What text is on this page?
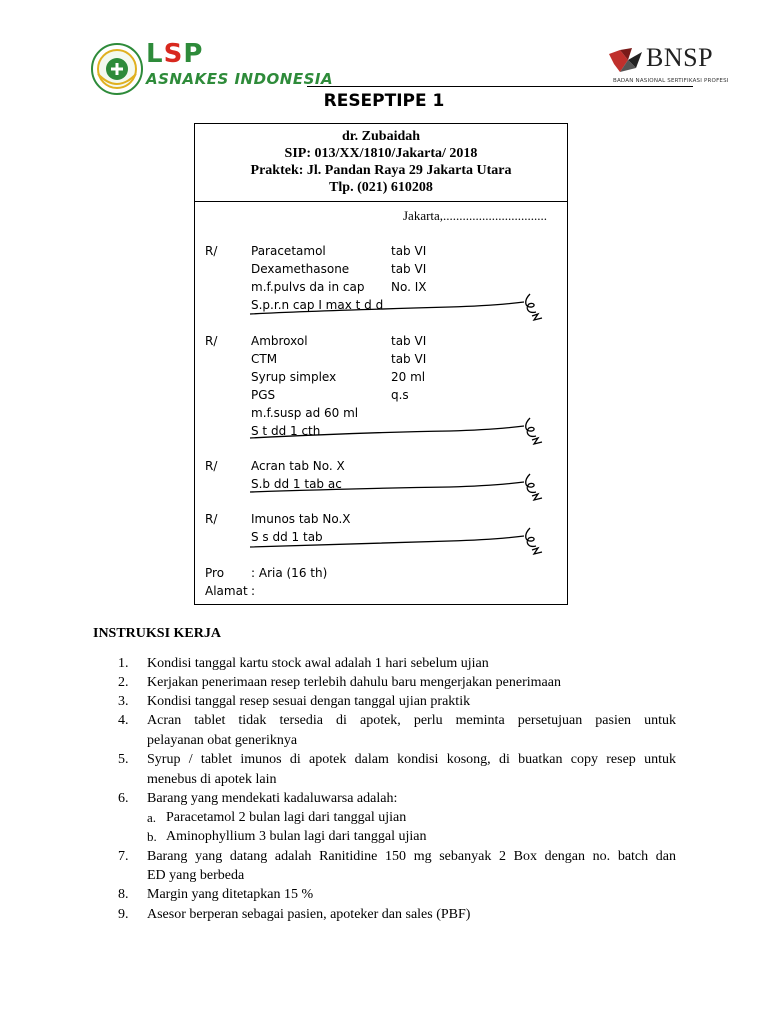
LSP
ASNAKES INDONESIA
BNSP
BADAN NASIONAL SERTIFIKASI PROFESI
RESEPTIPE 1
dr. Zubaidah
SIP: 013/XX/1810/Jakarta/ 2018
Praktek: Jl. Pandan Raya 29 Jakarta Utara
Tlp. (021) 610208
Jakarta,................................
R/	Paracetamol	tab VI
Dexamethasone	tab VI
m.f.pulvs da in cap No. IX
S.p.r.n cap I max t d d
R/	Ambroxol	tab VI
CTM	tab VI
Syrup simplex	20 ml
PGS	q.s
m.f.susp ad 60 ml
S t dd 1 cth
R/	Acran tab No. X
S.b dd 1 tab ac
R/	Imunos tab No.X
S s dd 1 tab
Pro : Aria (16 th)
Alamat :
INSTRUKSI KERJA
1. Kondisi tanggal kartu stock awal adalah 1 hari sebelum ujian
2. Kerjakan penerimaan resep terlebih dahulu baru mengerjakan penerimaan
3. Kondisi tanggal resep sesuai dengan tanggal ujian praktik
4. Acran tablet tidak tersedia di apotek, perlu meminta persetujuan pasien untuk
pelayanan obat generiknya
5. Syrup / tablet imunos di apotek dalam kondisi kosong, di buatkan copy resep untuk
menebus di apotek lain
6. Barang yang mendekati kadaluwarsa adalah:
a. Paracetamol 2 bulan lagi dari tanggal ujian
b. Aminophyllium 3 bulan lagi dari tanggal ujian
7. Barang yang datang adalah Ranitidine 150 mg sebanyak 2 Box dengan no. batch dan
ED yang berbeda
8. Margin yang ditetapkan 15 %
9. Asesor berperan sebagai pasien, apoteker dan sales (PBF)
